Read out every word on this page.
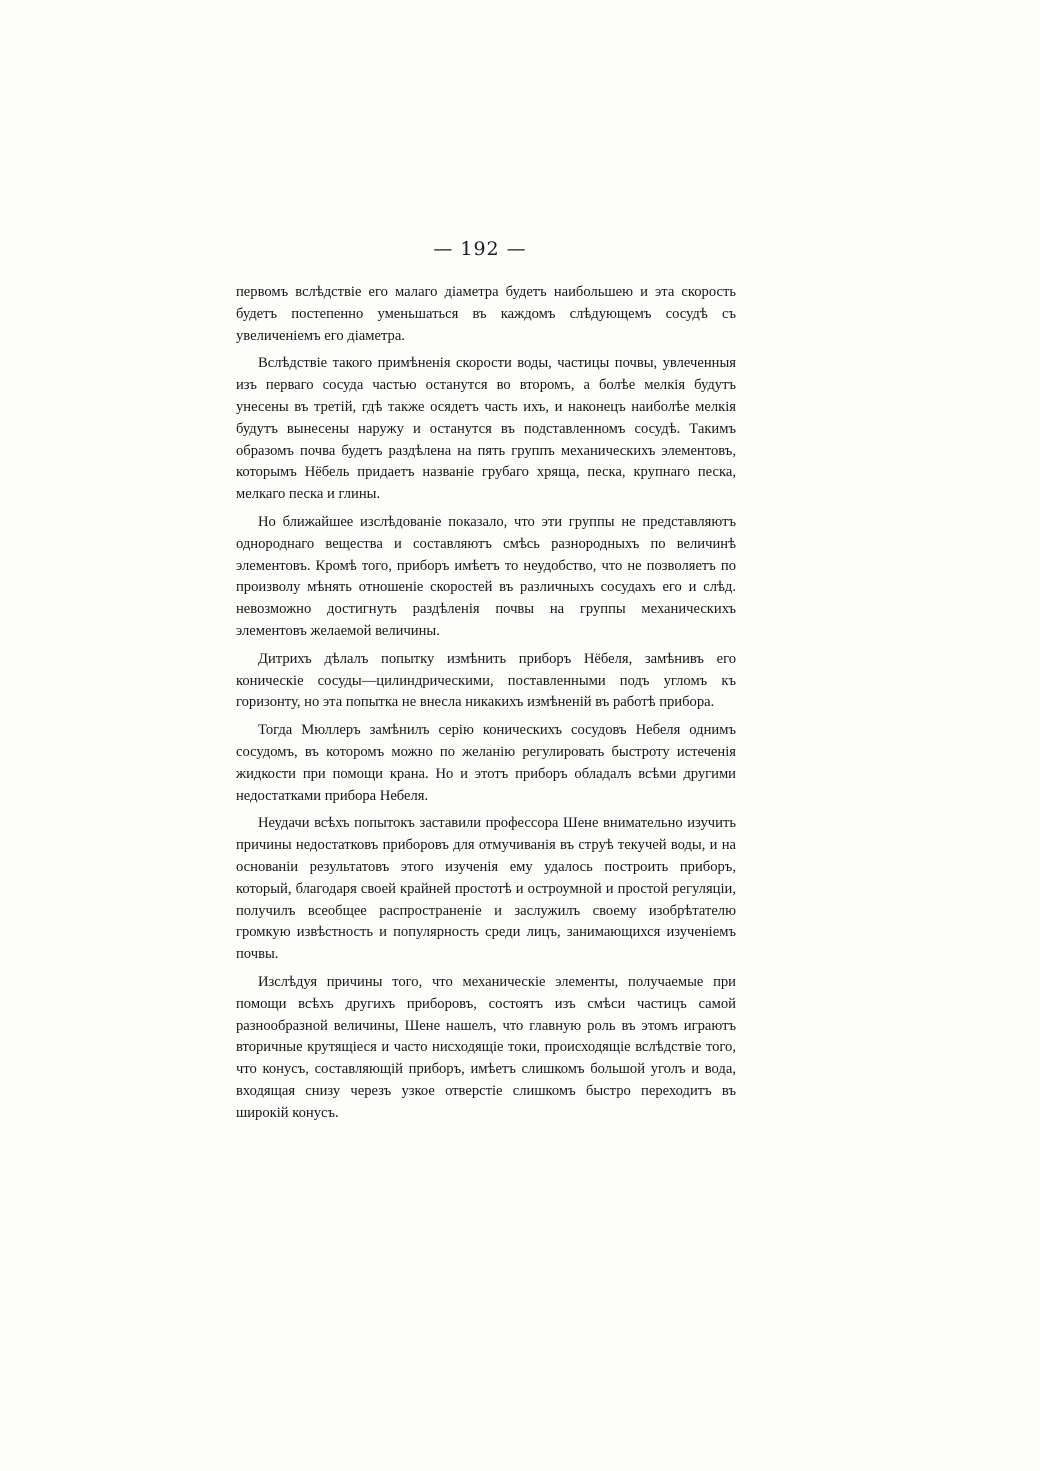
— 192 —

первомъ вслѣдствіе его малаго діаметра будетъ наибольшею и эта скорость будетъ постепенно уменьшаться въ каждомъ слѣдующемъ сосудѣ съ увеличеніемъ его діаметра.

Вслѣдствіе такого примѣненія скорости воды, частицы почвы, увлеченныя изъ перваго сосуда частью останутся во второмъ, а болѣе мелкія будутъ унесены въ третій, гдѣ также осядетъ часть ихъ, и наконецъ наиболѣе мелкія будутъ вынесены наружу и останутся въ подставленномъ сосудѣ. Такимъ образомъ почва будетъ раздѣлена на пять группъ механическихъ элементовъ, которымъ Нёбель придаетъ названіе грубаго хряща, песка, крупнаго песка, мелкаго песка и глины.

Но ближайшее изслѣдованіе показало, что эти группы не представляютъ однороднаго вещества и составляютъ смѣсь разнородныхъ по величинѣ элементовъ. Кромѣ того, приборъ имѣетъ то неудобство, что не позволяетъ по произволу мѣнять отношеніе скоростей въ различныхъ сосудахъ его и слѣд. невозможно достигнуть раздѣленія почвы на группы механическихъ элементовъ желаемой величины.

Дитрихъ дѣлалъ попытку измѣнить приборъ Нёбеля, замѣнивъ его коническіе сосуды—цилиндрическими, поставленными подъ угломъ къ горизонту, но эта попытка не внесла никакихъ измѣненій въ работѣ прибора.

Тогда Мюллеръ замѣнилъ серію коническихъ сосудовъ Небеля однимъ сосудомъ, въ которомъ можно по желанію регулировать быстроту истеченія жидкости при помощи крана. Но и этотъ приборъ обладалъ всѣми другими недостатками прибора Небеля.

Неудачи всѣхъ попытокъ заставили профессора Шене внимательно изучить причины недостатковъ приборовъ для отмучиванія въ струѣ текучей воды, и на основаніи результатовъ этого изученія ему удалось построить приборъ, который, благодаря своей крайней простотѣ и остроумной и простой регуляціи, получилъ всеобщее распространеніе и заслужилъ своему изобрѣтателю громкую извѣстность и популярность среди лицъ, занимающихся изученіемъ почвы.

Изслѣдуя причины того, что механическіе элементы, получаемые при помощи всѣхъ другихъ приборовъ, состоятъ изъ смѣси частицъ самой разнообразной величины, Шене нашелъ, что главную роль въ этомъ играютъ вторичные крутящіеся и часто нисходящіе токи, происходящіе вслѣдствіе того, что конусъ, составляющій приборъ, имѣетъ слишкомъ большой уголъ и вода, входящая снизу черезъ узкое отверстіе слишкомъ быстро переходитъ въ широкій конусъ.
